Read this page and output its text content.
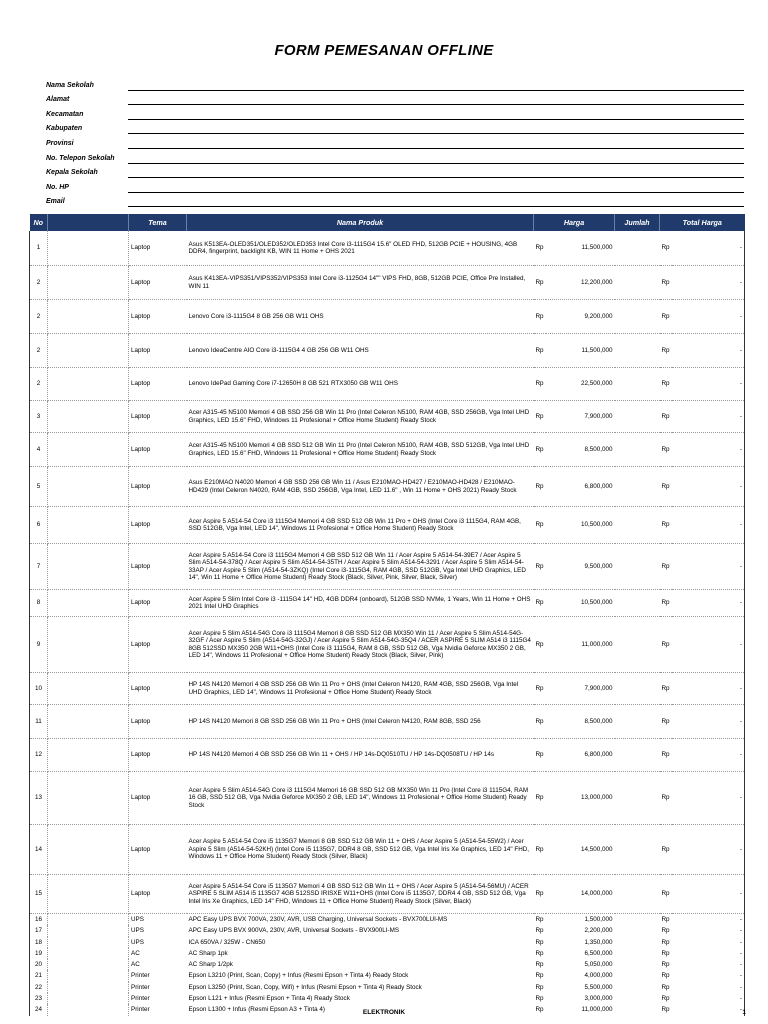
FORM PEMESANAN OFFLINE
Nama Sekolah
Alamat
Kecamatan
Kabupaten
Provinsi
No. Telepon Sekolah
Kepala Sekolah
No. HP
Email
No		Tema	Nama Produk	Harga		Jumlah	Total Harga	
1		Laptop	Asus K513EA-OLED351/OLED352/OLED353 Intel Core i3-1115G4 15.6" OLED FHD, 512GB PCIE + HOUSING, 4GB DDR4, fingerprint, backlight KB, WIN 11 Home + OHS 2021	Rp	11,500,000		Rp	-
2		Laptop	Asus K413EA-VIPS351/VIPS352/VIPS353 Intel Core i3-1125G4 14"" VIPS FHD, 8GB, 512GB PCIE, Office Pre Installed, WIN 11	Rp	12,200,000		Rp	-
2		Laptop	Lenovo Core i3-1115G4 8 GB 256 GB W11 OHS	Rp	9,200,000		Rp	-
2		Laptop	Lenovo IdeaCentre AIO Core i3-1115G4 4 GB 256 GB W11 OHS	Rp	11,500,000		Rp	-
2		Laptop	Lenovo IdePad Gaming Core i7-12650H 8 GB 521 RTX3050 GB W11 OHS	Rp	22,500,000		Rp	-
3		Laptop	Acer A315-45 N5100 Memori 4 GB SSD 256 GB Win 11 Pro (Intel Celeron N5100, RAM 4GB, SSD 256GB, Vga Intel UHD Graphics, LED 15.6" FHD, Windows 11 Profesional + Office Home Student) Ready Stock	Rp	7,900,000		Rp	-
4		Laptop	Acer A315-45 N5100 Memori 4 GB SSD 512 GB Win 11 Pro (Intel Celeron N5100, RAM 4GB, SSD 512GB, Vga Intel UHD Graphics, LED 15.6" FHD, Windows 11 Profesional + Office Home Student) Ready Stock	Rp	8,500,000		Rp	-
5		Laptop	Asus E210MAO N4020 Memori 4 GB SSD 256 GB Win 11 / Asus E210MAO-HD427 / E210MAO-HD428 / E210MAO-HD429 (Intel Celeron N4020, RAM 4GB, SSD 256GB, Vga Intel, LED 11.6" , Win 11 Home + OHS 2021) Ready Stock	Rp	6,800,000		Rp	-
6		Laptop	Acer Aspire 5 A514-54 Core i3 1115G4 Memori 4 GB SSD 512 GB Win 11 Pro + OHS (Intel Core i3 1115G4, RAM 4GB, SSD 512GB, Vga Intel, LED 14", Windows 11 Profesional + Office Home Student) Ready Stock	Rp	10,500,000		Rp	-
7		Laptop	Acer Aspire 5 A514-54 Core i3 1115G4 Memori 4 GB SSD 512 GB Win 11 / Acer Aspire 5 A514-54-39E7 / Acer Aspire 5 Slim A514-54-378Q / Acer Aspire 5 Slim A514-54-35TH / Acer Aspire 5 Slim A514-54-3291 / Acer Aspire 5 Slim A514-54-33AP / Acer Aspire 5 Slim (A514-54-3ZKQ) (Intel Core i3-1115G4, RAM 4GB, SSD 512GB, Vga Intel UHD Graphics, LED 14", Win 11 Home + Office Home Student) Ready Stock (Black, Silver, Pink, Silver, Black, Silver)	Rp	9,500,000		Rp	-
8		Laptop	Acer Aspire 5 Slim Intel Core i3 -1115G4 14" HD, 4GB DDR4 (onboard), 512GB SSD NVMe, 1 Years, Win 11 Home + OHS 2021 Intel UHD Graphics	Rp	10,500,000		Rp	-
9		Laptop	Acer Aspire 5 Slim A514-54G Core i3 1115G4 Memori 8 GB SSD 512 GB MX350 Win 11 / Acer Aspire 5 Slim A514-54G-32GF / Acer Aspire 5 Slim (A514-54G-32GJ) / Acer Aspire 5 Slim A514-54G-35Q4 / ACER ASPIRE 5 SLIM A514 i3 1115G4 8GB 512SSD MX350 2GB W11+OHS (Intel Core i3 1115G4, RAM 8 GB, SSD 512 GB, Vga Nvidia Geforce MX350 2 GB, LED 14", Windows 11 Profesional + Office Home Student) Ready Stock (Black, Silver, Pink)	Rp	11,000,000		Rp	-
10		Laptop	HP 14S N4120 Memori 4 GB SSD 256 GB Win 11 Pro + OHS (Intel Celeron N4120, RAM 4GB, SSD 256GB, Vga Intel UHD Graphics, LED 14", Windows 11 Profesional + Office Home Student) Ready Stock	Rp	7,900,000		Rp	-
11		Laptop	HP 14S N4120 Memori 8 GB SSD 256 GB Win 11 Pro + OHS (Intel Celeron N4120, RAM 8GB, SSD 256	Rp	8,500,000		Rp	-
12		Laptop	HP 14S N4120 Memori 4 GB SSD 256 GB Win 11 + OHS / HP 14s-DQ0510TU / HP 14s-DQ0508TU / HP 14s	Rp	6,800,000		Rp	-
13		Laptop	Acer Aspire 5 Slim A514-54G Core i3 1115G4 Memori 16 GB SSD 512 GB MX350 Win 11 Pro (Intel Core i3 1115G4, RAM 16 GB, SSD 512 GB, Vga Nvidia Geforce MX350 2 GB, LED 14", Windows 11 Profesional + Office Home Student) Ready Stock	Rp	13,000,000		Rp	-
14		Laptop	Acer Aspire 5 A514-54 Core i5 1135G7 Memori 8 GB SSD 512 GB Win 11 + OHS / Acer Aspire 5 (A514-54-55W2) / Acer Aspire 5 Slim (A514-54-52KH) (Intel Core i5 1135G7, DDR4 8 GB, SSD 512 GB, Vga Intel Iris Xe Graphics, LED 14" FHD, Windows 11 + Office Home Student) Ready Stock (Silver, Black)	Rp	14,500,000		Rp	-
15		Laptop	Acer Aspire 5 A514-54 Core i5 1135G7 Memori 4 GB SSD 512 GB Win 11 + OHS / Acer Aspire 5 (A514-54-56MU) / ACER ASPIRE 5 SLIM A514 i5 1135G7 4GB 512SSD IRISXE W11+OHS (Intel Core i5 1135G7, DDR4 4 GB, SSD 512 GB, Vga Intel Iris Xe Graphics, LED 14" FHD, Windows 11 + Office Home Student) Ready Stock (Silver, Black)	Rp	14,000,000		Rp	-
16		UPS	APC Easy UPS BVX 700VA, 230V, AVR, USB Charging, Universal Sockets - BVX700LUI-MS	Rp	1,500,000		Rp	-
17		UPS	APC Easy UPS BVX 900VA, 230V, AVR, Universal Sockets - BVX900LI-MS	Rp	2,200,000		Rp	-
18		UPS	ICA 650VA / 325W - CN650	Rp	1,350,000		Rp	-
19		AC	AC Sharp 1pk	Rp	6,500,000		Rp	-
20		AC	AC Sharp 1/2pk	Rp	5,050,000		Rp	-
21		Printer	Epson L3210 (Print, Scan, Copy) + Infus (Resmi Epson + Tinta 4) Ready Stock	Rp	4,000,000		Rp	-
22		Printer	Epson L3250 (Print, Scan, Copy, Wifi) + Infus (Resmi Epson + Tinta 4) Ready Stock	Rp	5,500,000		Rp	-
23		Printer	Epson L121 + Infus (Resmi Epson + Tinta 4) Ready Stock	Rp	3,000,000		Rp	-
24		Printer	Epson L1300 + Infus (Resmi Epson A3 + Tinta 4)	Rp	11,000,000		Rp	-
ELEKTRONIK	1
